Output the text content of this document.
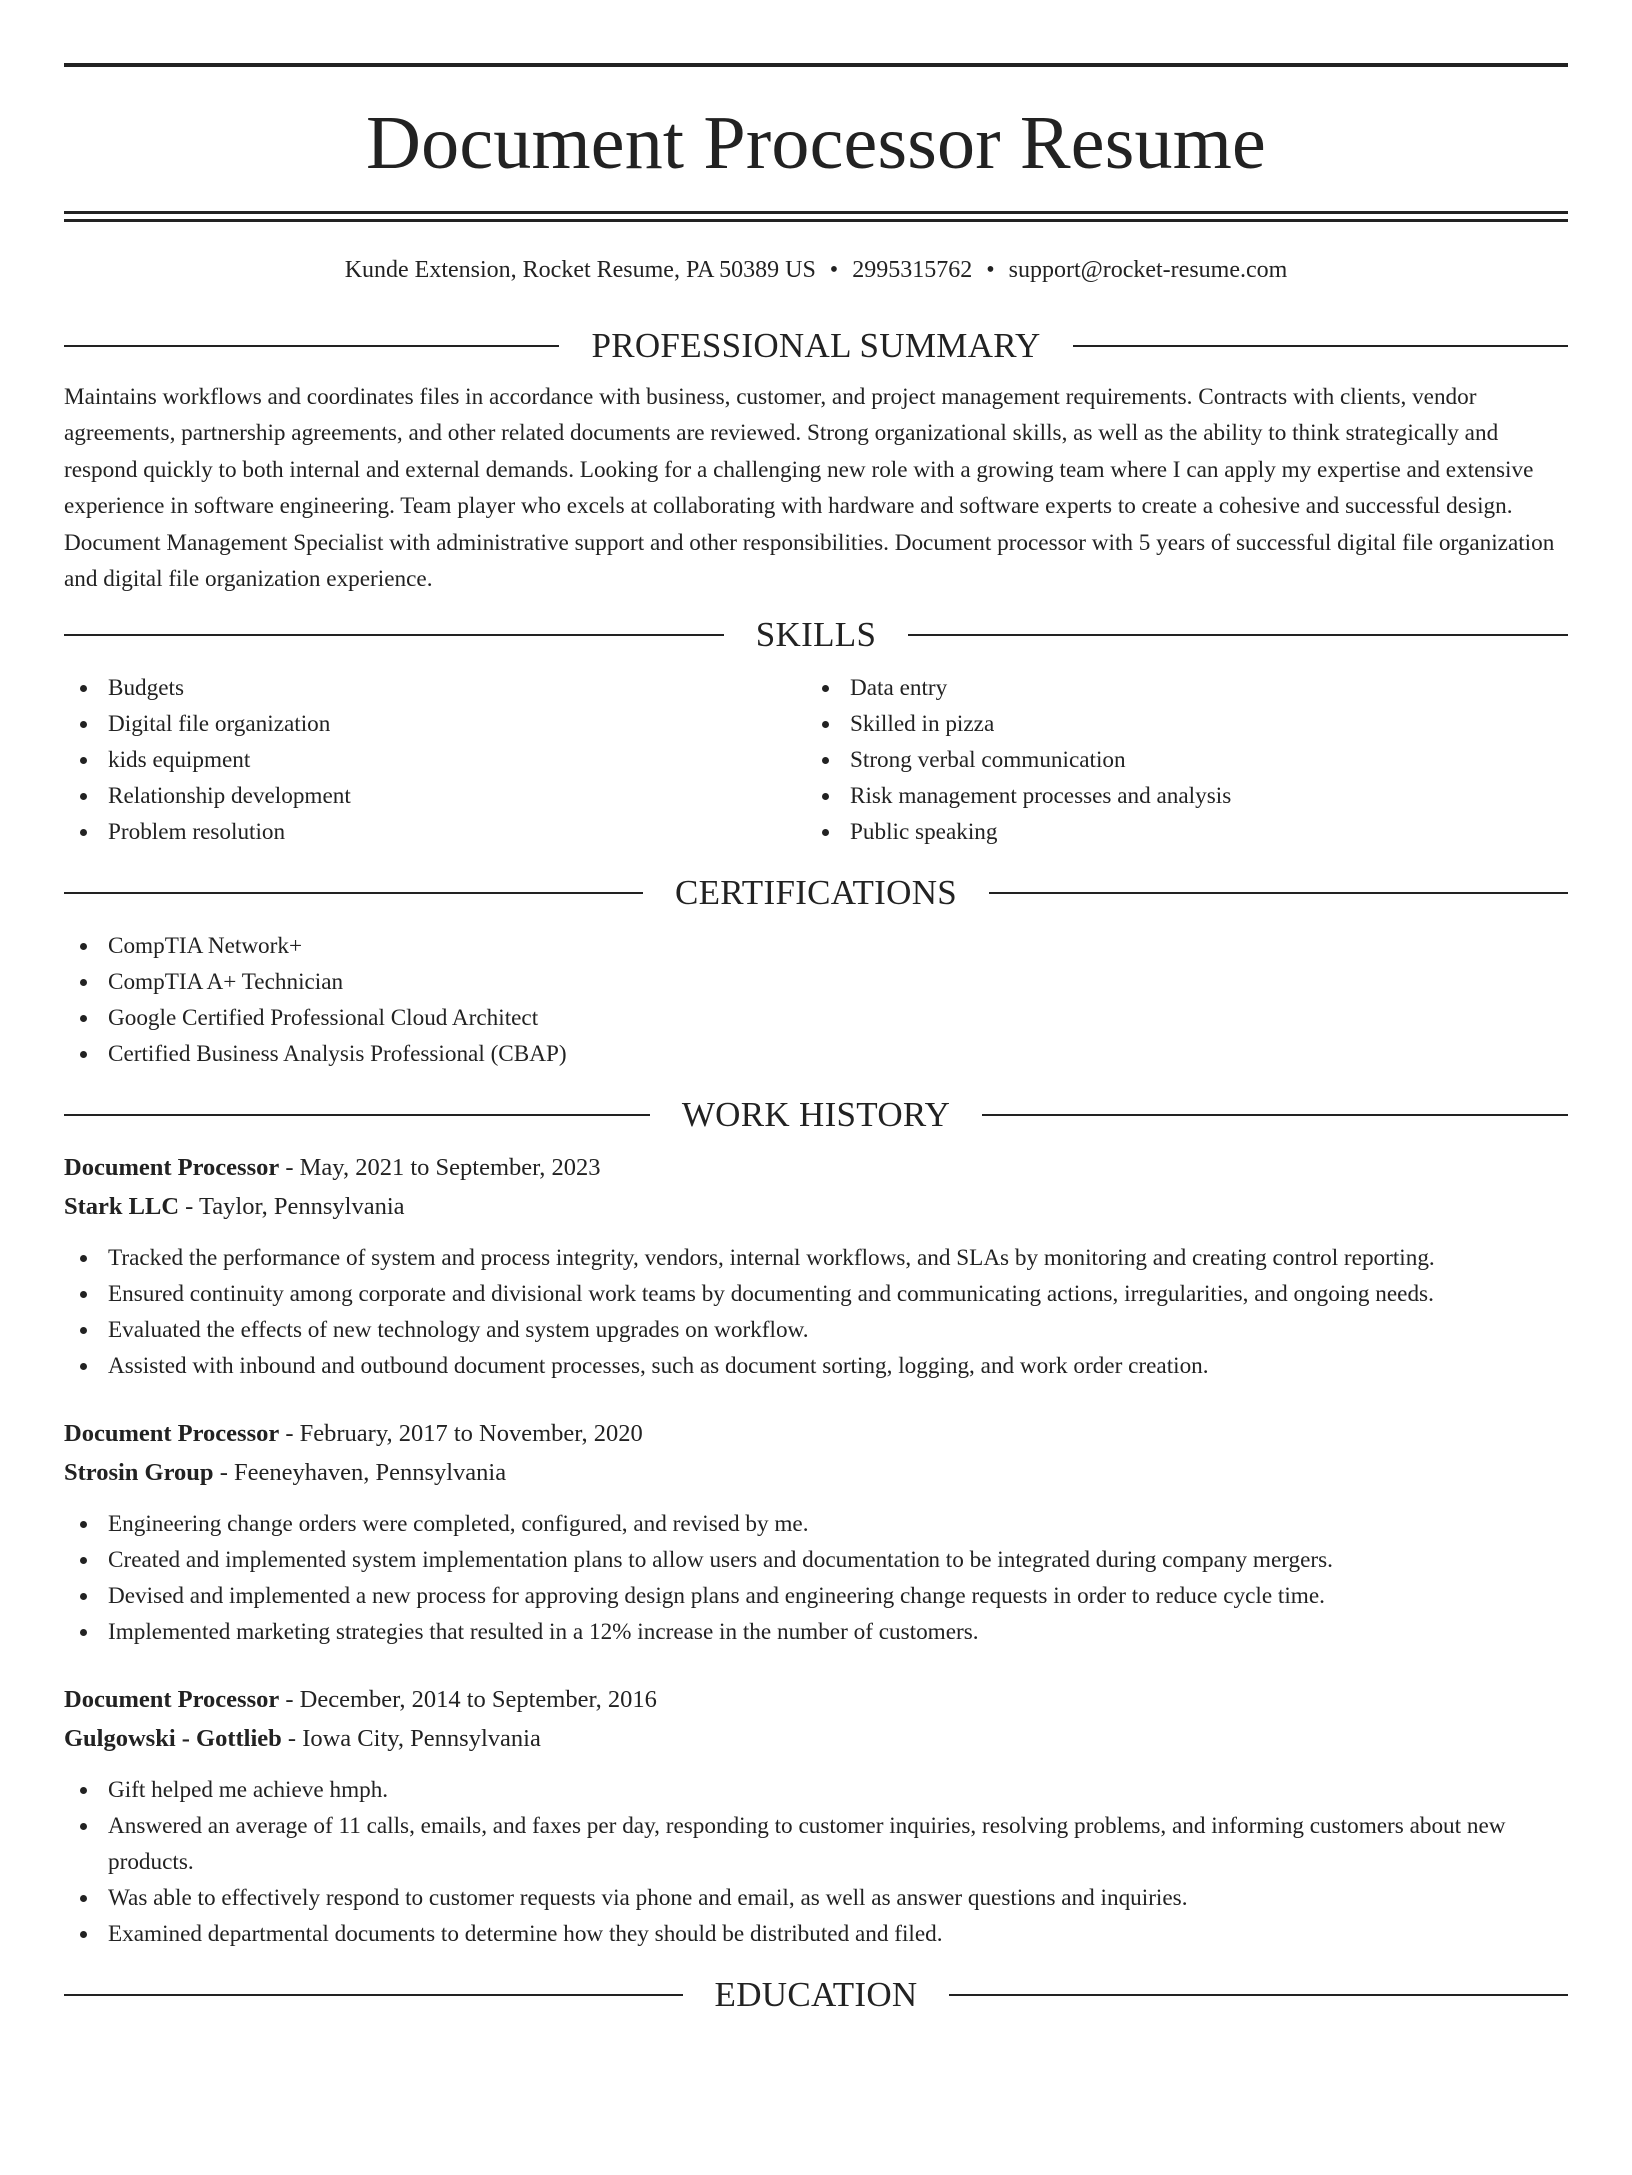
Document Processor Resume
Kunde Extension, Rocket Resume, PA 50389 US • 2995315762 • support@rocket-resume.com
PROFESSIONAL SUMMARY

Maintains workflows and coordinates files in accordance with business, customer, and project management requirements. Contracts with clients, vendor agreements, partnership agreements, and other related documents are reviewed. Strong organizational skills, as well as the ability to think strategically and respond quickly to both internal and external demands. Looking for a challenging new role with a growing team where I can apply my expertise and extensive experience in software engineering. Team player who excels at collaborating with hardware and software experts to create a cohesive and successful design. Document Management Specialist with administrative support and other responsibilities. Document processor with 5 years of successful digital file organization and digital file organization experience.

SKILLS
Budgets
Digital file organization
kids equipment
Relationship development
Problem resolution
Data entry
Skilled in pizza
Strong verbal communication
Risk management processes and analysis
Public speaking
CERTIFICATIONS
CompTIA Network+
CompTIA A+ Technician
Google Certified Professional Cloud Architect
Certified Business Analysis Professional (CBAP)
WORK HISTORY
Document Processor - May, 2021 to September, 2023
Stark LLC - Taylor, Pennsylvania
Tracked the performance of system and process integrity, vendors, internal workflows, and SLAs by monitoring and creating control reporting.
Ensured continuity among corporate and divisional work teams by documenting and communicating actions, irregularities, and ongoing needs.
Evaluated the effects of new technology and system upgrades on workflow.
Assisted with inbound and outbound document processes, such as document sorting, logging, and work order creation.
Document Processor - February, 2017 to November, 2020
Strosin Group - Feeneyhaven, Pennsylvania
Engineering change orders were completed, configured, and revised by me.
Created and implemented system implementation plans to allow users and documentation to be integrated during company mergers.
Devised and implemented a new process for approving design plans and engineering change requests in order to reduce cycle time.
Implemented marketing strategies that resulted in a 12% increase in the number of customers.
Document Processor - December, 2014 to September, 2016
Gulgowski - Gottlieb - Iowa City, Pennsylvania
Gift helped me achieve hmph.
Answered an average of 11 calls, emails, and faxes per day, responding to customer inquiries, resolving problems, and informing customers about new products.
Was able to effectively respond to customer requests via phone and email, as well as answer questions and inquiries.
Examined departmental documents to determine how they should be distributed and filed.
EDUCATION
